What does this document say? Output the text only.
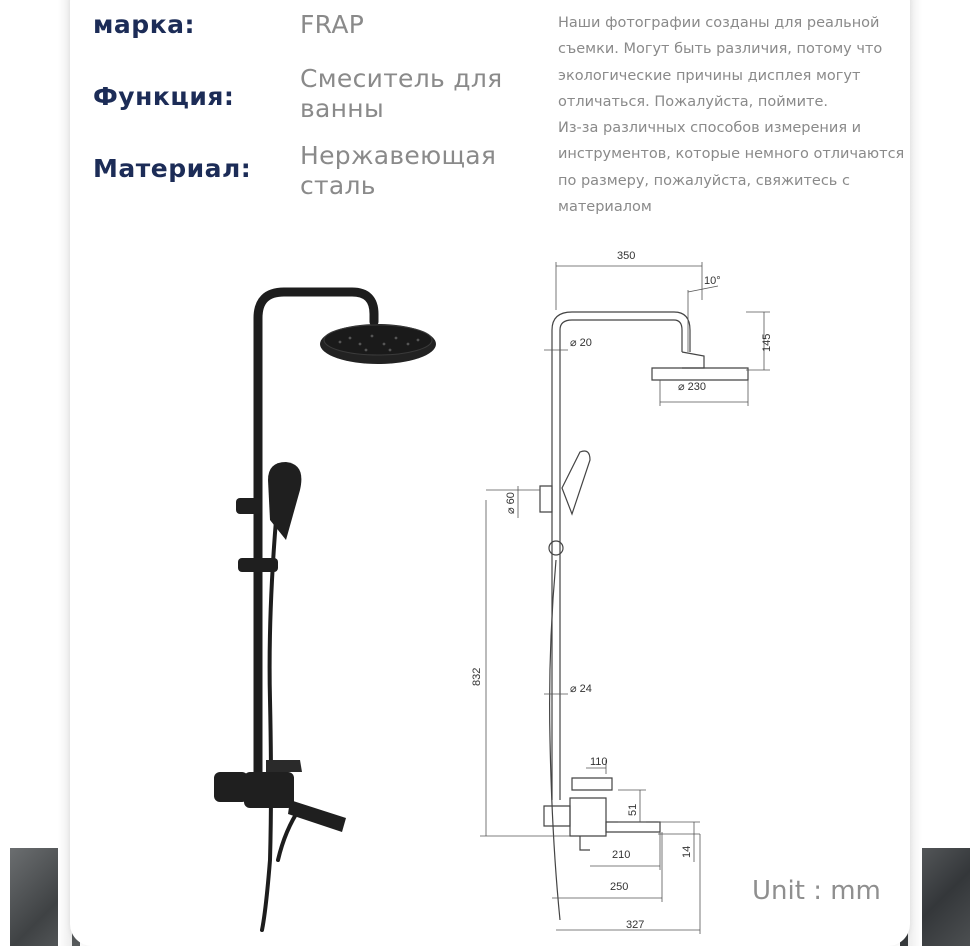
марка:	FRAP
Функция:
Смеситель для ванны
Материал: Нержавеющая сталь

Наши фотографии созданы для реальной съемки. Могут быть различия, потому что экологические причины дисплея могут отличаться. Пожалуйста, поймите.

Из-за различных способов измерения и инструментов, которые немного отличаются по размеру, пожалуйста, свяжитесь с материалом

350
10°
145
⌀ 20
⌀ 230
⌀ 60
832
⌀ 24
110
51
210	14
250
327
Unit : mm
